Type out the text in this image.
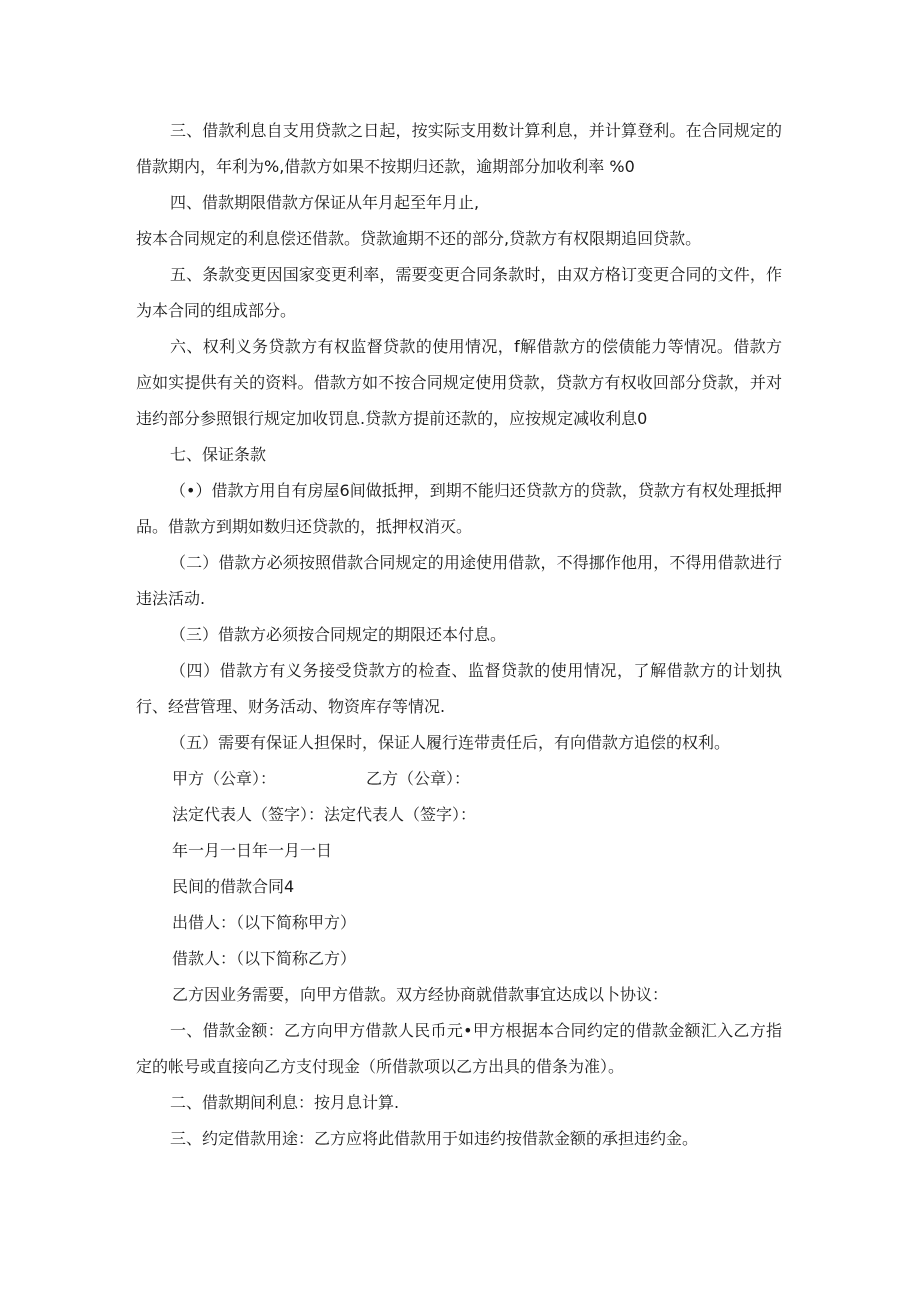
三、借款利息自支用贷款之日起，按实际支用数计算利息，并计算登利。在合同规定的借款期内，年利为%,借款方如果不按期归还款，逾期部分加收利率 %0

四、借款期限借款方保证从年月起至年月止,

按本合同规定的利息偿还借款。贷款逾期不还的部分,贷款方有权限期追回贷款。

五、条款变更因国家变更利率，需要变更合同条款时，由双方格订变更合同的文件，作为本合同的组成部分。

六、权利义务贷款方有权监督贷款的使用情况，f解借款方的偿债能力等情况。借款方应如实提供有关的资料。借款方如不按合同规定使用贷款，贷款方有权收回部分贷款，并对违约部分参照银行规定加收罚息.贷款方提前还款的，应按规定减收利息0

七、保证条款

（•）借款方用自有房屋6间做抵押，到期不能归还贷款方的贷款，贷款方有权处理抵押品。借款方到期如数归还贷款的，抵押权消灭。

（二）借款方必须按照借款合同规定的用途使用借款，不得挪作他用，不得用借款进行违法活动.

（三）借款方必须按合同规定的期限还本付息。

（四）借款方有义务接受贷款方的检查、监督贷款的使用情况，了解借款方的计划执行、经营管理、财务活动、物资库存等情况.

（五）需要有保证人担保时，保证人履行连带责任后，有向借款方追偿的权利。

甲方（公章）：	乙方（公章）：

法定代表人（签字）：法定代表人（签字）：

年一月一日年一月一日

民间的借款合同4

出借人：（以下简称甲方）

借款人：（以下简称乙方）

乙方因业务需要，向甲方借款。双方经协商就借款事宜达成以卜协议：

一、借款金额：乙方向甲方借款人民币元•甲方根据本合同约定的借款金额汇入乙方指定的帐号或直接向乙方支付现金（所借款项以乙方出具的借条为准）。

二、借款期间利息：按月息计算.

三、约定借款用途：乙方应将此借款用于如违约按借款金额的承担违约金。
